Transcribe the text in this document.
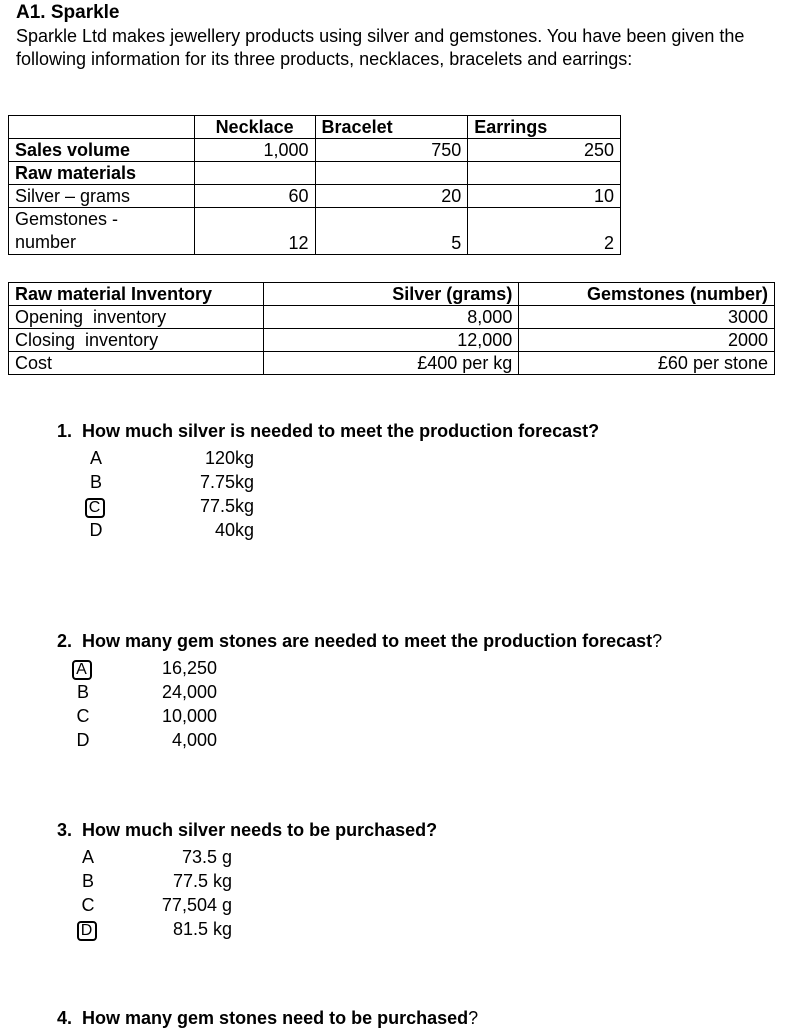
A1. Sparkle
Sparkle Ltd makes jewellery products using silver and gemstones. You have been given the following information for its three products, necklaces, bracelets and earrings:
	Necklace	Bracelet	Earrings
Sales volume	1,000	750	250
Raw materials			
Silver – grams	60	20	10
Gemstones -
number	12	5	2
Raw material Inventory	Silver (grams)	Gemstones (number)
Opening  inventory	8,000	3000
Closing  inventory	12,000	2000
Cost	£400 per kg	£60 per stone

1.  How much silver is needed to meet the production forecast?

A	120kg
B	7.75kg
C	77.5kg
D	40kg

2.  How many gem stones are needed to meet the production forecast?

A	16,250
B	24,000
C	10,000
D	4,000

3.  How much silver needs to be purchased?

A	73.5 g
B	77.5 kg
C	77,504 g
D	81.5 kg

4.  How many gem stones need to be purchased?
